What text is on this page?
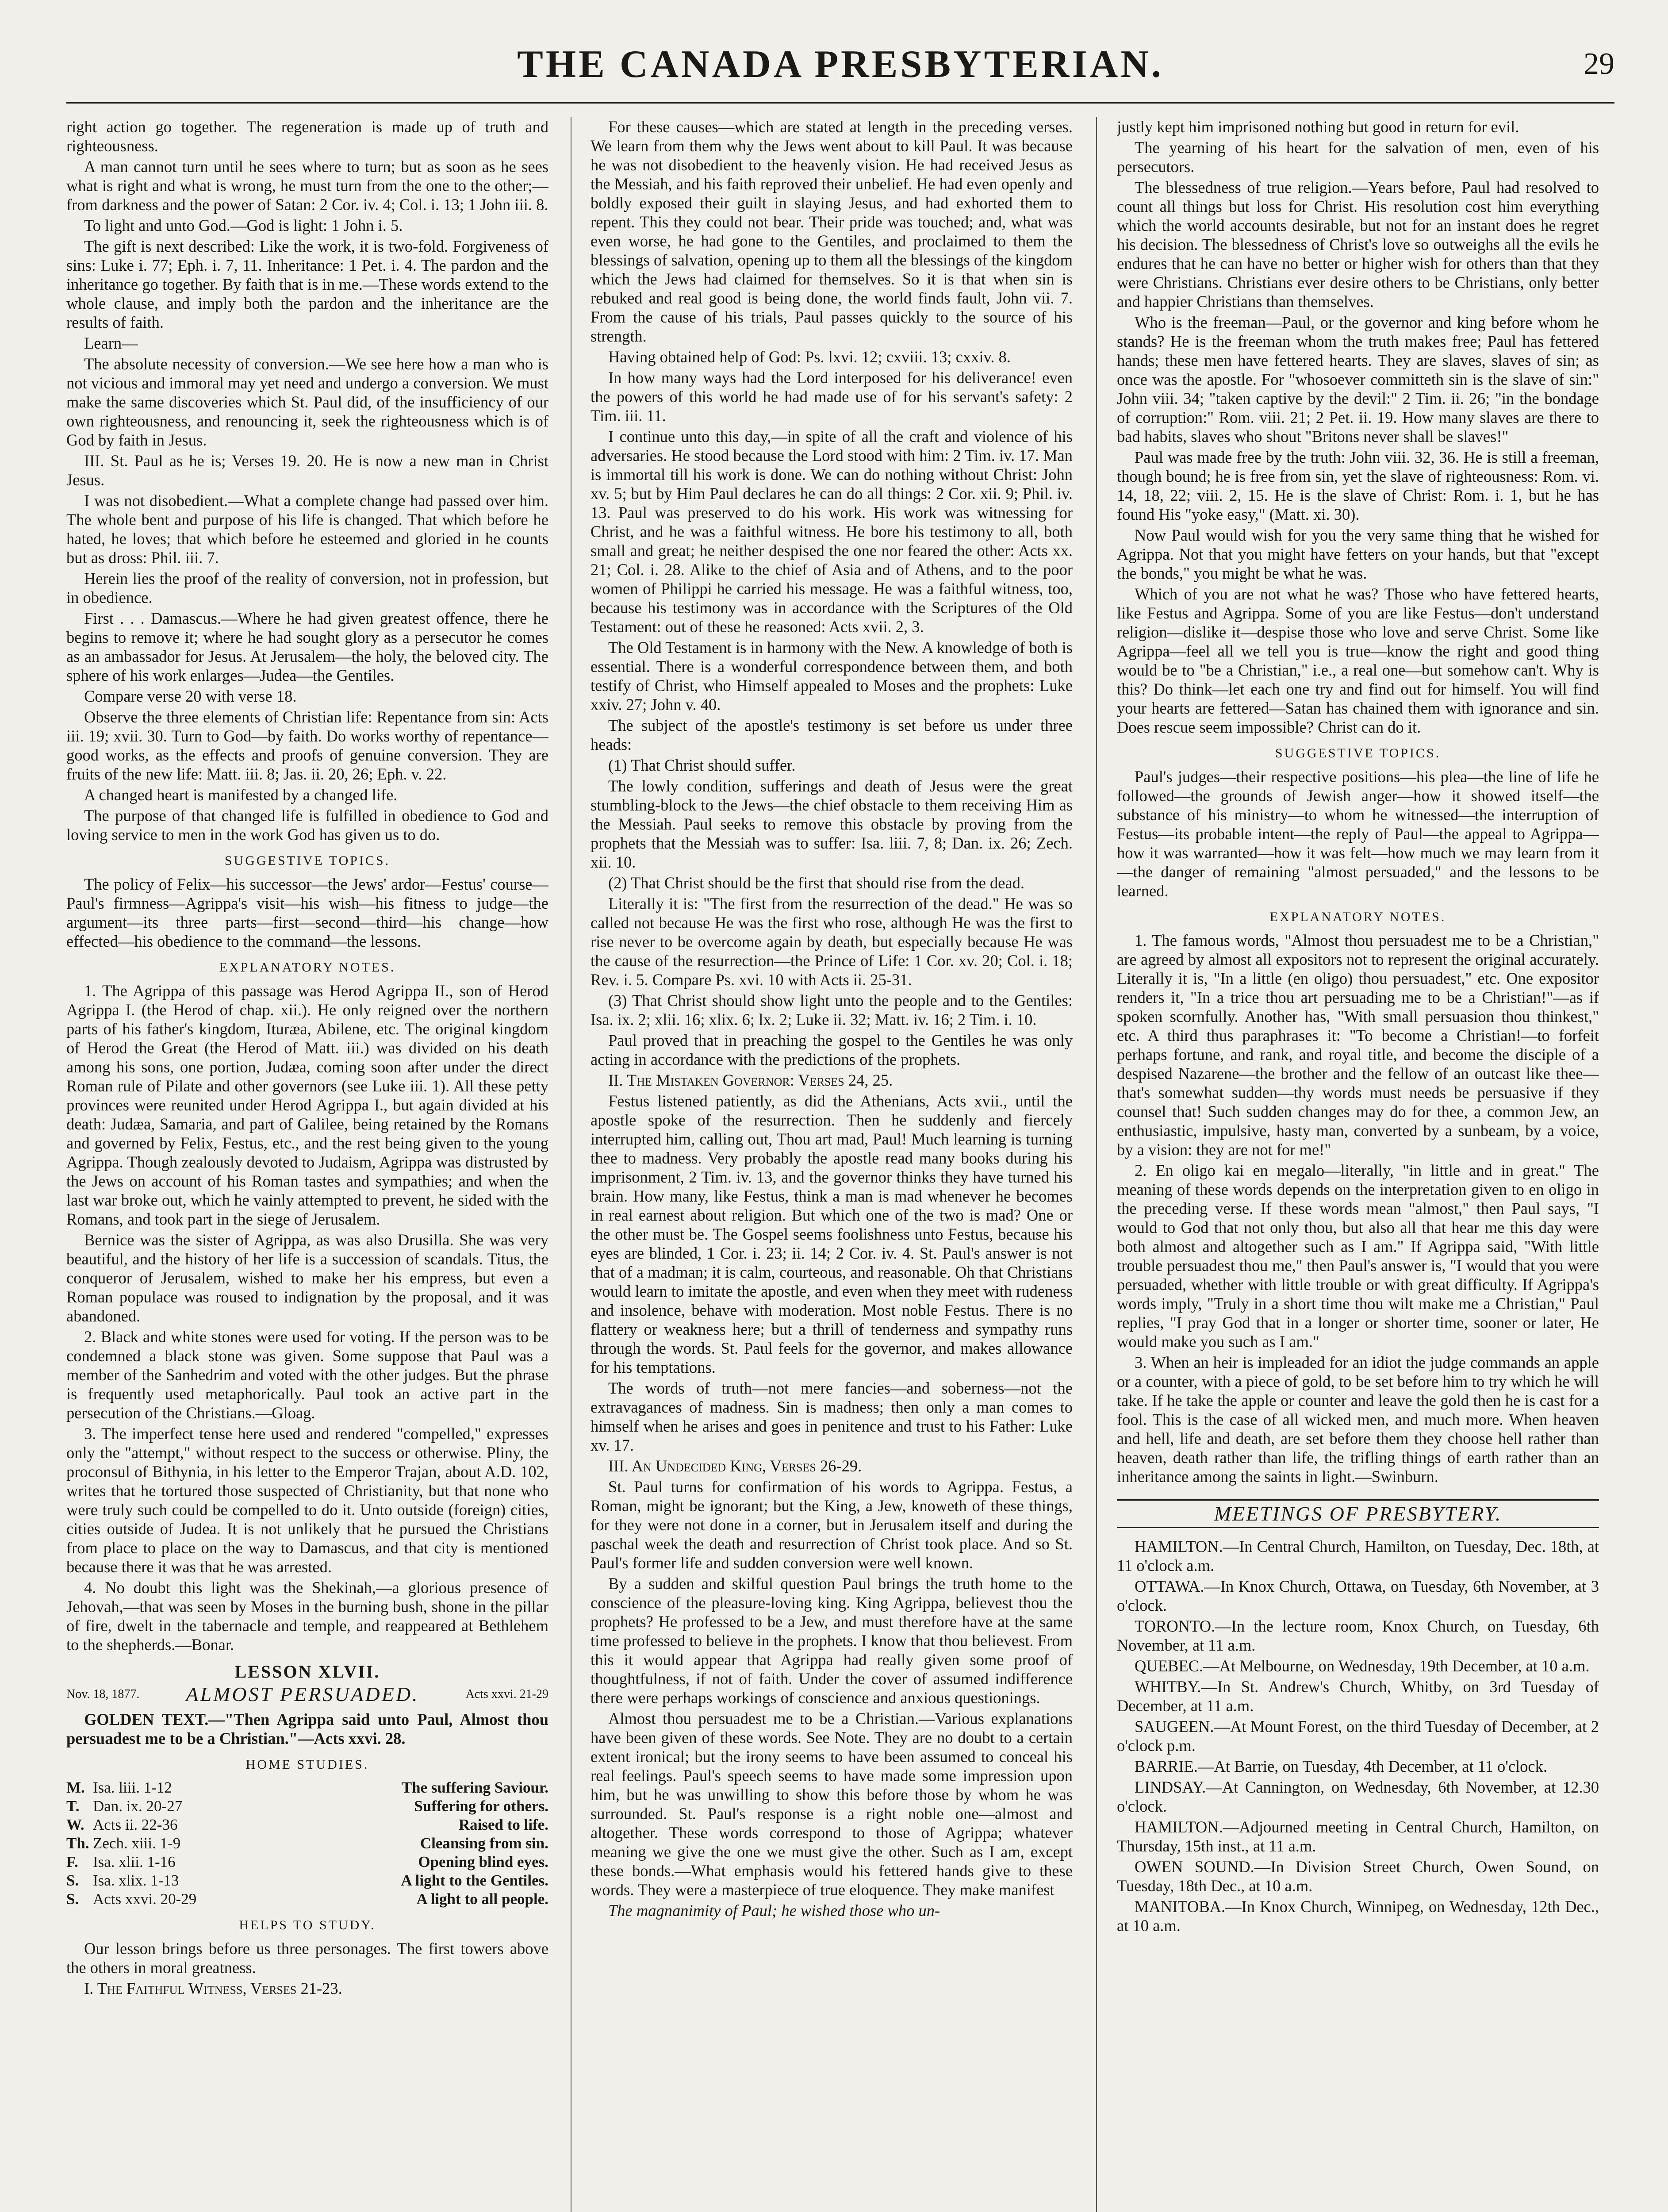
THE CANADA PRESBYTERIAN.	29

right action go together. The regeneration is made up of truth and righteousness.

A man cannot turn until he sees where to turn; but as soon as he sees what is right and what is wrong, he must turn from the one to the other;—from darkness and the power of Satan: 2 Cor. iv. 4; Col. i. 13; 1 John iii. 8.

To light and unto God.—God is light: 1 John i. 5.

The gift is next described: Like the work, it is two-fold. Forgiveness of sins: Luke i. 77; Eph. i. 7, 11. Inheritance: 1 Pet. i. 4. The pardon and the inheritance go together. By faith that is in me.—These words extend to the whole clause, and imply both the pardon and the inheritance are the results of faith.

Learn—

The absolute necessity of conversion.—We see here how a man who is not vicious and immoral may yet need and undergo a conversion. We must make the same discoveries which St. Paul did, of the insufficiency of our own righteousness, and renouncing it, seek the righteousness which is of God by faith in Jesus.

III. St. Paul as he is; Verses 19. 20. He is now a new man in Christ Jesus.

I was not disobedient.—What a complete change had passed over him. The whole bent and purpose of his life is changed. That which before he hated, he loves; that which before he esteemed and gloried in he counts but as dross: Phil. iii. 7.

Herein lies the proof of the reality of conversion, not in profession, but in obedience.

First . . . Damascus.—Where he had given greatest offence, there he begins to remove it; where he had sought glory as a persecutor he comes as an ambassador for Jesus. At Jerusalem—the holy, the beloved city. The sphere of his work enlarges—Judea—the Gentiles.

Compare verse 20 with verse 18.

Observe the three elements of Christian life: Repentance from sin: Acts iii. 19; xvii. 30. Turn to God—by faith. Do works worthy of repentance—good works, as the effects and proofs of genuine conversion. They are fruits of the new life: Matt. iii. 8; Jas. ii. 20, 26; Eph. v. 22.

A changed heart is manifested by a changed life.

The purpose of that changed life is fulfilled in obedience to God and loving service to men in the work God has given us to do.

SUGGESTIVE TOPICS.

The policy of Felix—his successor—the Jews' ardor—Festus' course—Paul's firmness—Agrippa's visit—his wish—his fitness to judge—the argument—its three parts—first—second—third—his change—how effected—his obedience to the command—the lessons.

EXPLANATORY NOTES.

1. The Agrippa of this passage was Herod Agrippa II., son of Herod Agrippa I. (the Herod of chap. xii.). He only reigned over the northern parts of his father's kingdom, Ituræa, Abilene, etc. The original kingdom of Herod the Great (the Herod of Matt. iii.) was divided on his death among his sons, one portion, Judæa, coming soon after under the direct Roman rule of Pilate and other governors (see Luke iii. 1). All these petty provinces were reunited under Herod Agrippa I., but again divided at his death: Judæa, Samaria, and part of Galilee, being retained by the Romans and governed by Felix, Festus, etc., and the rest being given to the young Agrippa. Though zealously devoted to Judaism, Agrippa was distrusted by the Jews on account of his Roman tastes and sympathies; and when the last war broke out, which he vainly attempted to prevent, he sided with the Romans, and took part in the siege of Jerusalem.

Bernice was the sister of Agrippa, as was also Drusilla. She was very beautiful, and the history of her life is a succession of scandals. Titus, the conqueror of Jerusalem, wished to make her his empress, but even a Roman populace was roused to indignation by the proposal, and it was abandoned.

2. Black and white stones were used for voting. If the person was to be condemned a black stone was given. Some suppose that Paul was a member of the Sanhedrim and voted with the other judges. But the phrase is frequently used metaphorically. Paul took an active part in the persecution of the Christians.—Gloag.

3. The imperfect tense here used and rendered "compelled," expresses only the "attempt," without respect to the success or otherwise. Pliny, the proconsul of Bithynia, in his letter to the Emperor Trajan, about A.D. 102, writes that he tortured those suspected of Christianity, but that none who were truly such could be compelled to do it. Unto outside (foreign) cities, cities outside of Judea. It is not unlikely that he pursued the Christians from place to place on the way to Damascus, and that city is mentioned because there it was that he was arrested.

4. No doubt this light was the Shekinah,—a glorious presence of Jehovah,—that was seen by Moses in the burning bush, shone in the pillar of fire, dwelt in the tabernacle and temple, and reappeared at Bethlehem to the shepherds.—Bonar.

LESSON XLVII.
Nov. 18, 1877. ALMOST PERSUADED.	Acts xxvi. 21-29

GOLDEN TEXT.—"Then Agrippa said unto Paul, Almost thou persuadest me to be a Christian."—Acts xxvi. 28.

HOME STUDIES.
M.	Isa. liii. 1-12	The suffering Saviour.
T.	Dan. ix. 20-27	Suffering for others.
W.	Acts ii. 22-36	Raised to life.
Th.	Zech. xiii. 1-9	Cleansing from sin.
F.	Isa. xlii. 1-16	Opening blind eyes.
S.	Isa. xlix. 1-13	A light to the Gentiles.
S.	Acts xxvi. 20-29	A light to all people.
HELPS TO STUDY.

Our lesson brings before us three personages. The first towers above the others in moral greatness.

I. The Faithful Witness, Verses 21-23.

For these causes—which are stated at length in the preceding verses. We learn from them why the Jews went about to kill Paul. It was because he was not disobedient to the heavenly vision. He had received Jesus as the Messiah, and his faith reproved their unbelief. He had even openly and boldly exposed their guilt in slaying Jesus, and had exhorted them to repent. This they could not bear. Their pride was touched; and, what was even worse, he had gone to the Gentiles, and proclaimed to them the blessings of salvation, opening up to them all the blessings of the kingdom which the Jews had claimed for themselves. So it is that when sin is rebuked and real good is being done, the world finds fault, John vii. 7. From the cause of his trials, Paul passes quickly to the source of his strength.

Having obtained help of God: Ps. lxvi. 12; cxviii. 13; cxxiv. 8.

In how many ways had the Lord interposed for his deliverance! even the powers of this world he had made use of for his servant's safety: 2 Tim. iii. 11.

I continue unto this day,—in spite of all the craft and violence of his adversaries. He stood because the Lord stood with him: 2 Tim. iv. 17. Man is immortal till his work is done. We can do nothing without Christ: John xv. 5; but by Him Paul declares he can do all things: 2 Cor. xii. 9; Phil. iv. 13. Paul was preserved to do his work. His work was witnessing for Christ, and he was a faithful witness. He bore his testimony to all, both small and great; he neither despised the one nor feared the other: Acts xx. 21; Col. i. 28. Alike to the chief of Asia and of Athens, and to the poor women of Philippi he carried his message. He was a faithful witness, too, because his testimony was in accordance with the Scriptures of the Old Testament: out of these he reasoned: Acts xvii. 2, 3.

The Old Testament is in harmony with the New. A knowledge of both is essential. There is a wonderful correspondence between them, and both testify of Christ, who Himself appealed to Moses and the prophets: Luke xxiv. 27; John v. 40.

The subject of the apostle's testimony is set before us under three heads:

(1) That Christ should suffer.

The lowly condition, sufferings and death of Jesus were the great stumbling-block to the Jews—the chief obstacle to them receiving Him as the Messiah. Paul seeks to remove this obstacle by proving from the prophets that the Messiah was to suffer: Isa. liii. 7, 8; Dan. ix. 26; Zech. xii. 10.

(2) That Christ should be the first that should rise from the dead.

Literally it is: "The first from the resurrection of the dead." He was so called not because He was the first who rose, although He was the first to rise never to be overcome again by death, but especially because He was the cause of the resurrection—the Prince of Life: 1 Cor. xv. 20; Col. i. 18; Rev. i. 5. Compare Ps. xvi. 10 with Acts ii. 25-31.

(3) That Christ should show light unto the people and to the Gentiles: Isa. ix. 2; xlii. 16; xlix. 6; lx. 2; Luke ii. 32; Matt. iv. 16; 2 Tim. i. 10.

Paul proved that in preaching the gospel to the Gentiles he was only acting in accordance with the predictions of the prophets.

II. The Mistaken Governor: Verses 24, 25.

Festus listened patiently, as did the Athenians, Acts xvii., until the apostle spoke of the resurrection. Then he suddenly and fiercely interrupted him, calling out, Thou art mad, Paul! Much learning is turning thee to madness. Very probably the apostle read many books during his imprisonment, 2 Tim. iv. 13, and the governor thinks they have turned his brain. How many, like Festus, think a man is mad whenever he becomes in real earnest about religion. But which one of the two is mad? One or the other must be. The Gospel seems foolishness unto Festus, because his eyes are blinded, 1 Cor. i. 23; ii. 14; 2 Cor. iv. 4. St. Paul's answer is not that of a madman; it is calm, courteous, and reasonable. Oh that Christians would learn to imitate the apostle, and even when they meet with rudeness and insolence, behave with moderation. Most noble Festus. There is no flattery or weakness here; but a thrill of tenderness and sympathy runs through the words. St. Paul feels for the governor, and makes allowance for his temptations.

The words of truth—not mere fancies—and soberness—not the extravagances of madness. Sin is madness; then only a man comes to himself when he arises and goes in penitence and trust to his Father: Luke xv. 17.

III. An Undecided King, Verses 26-29.

St. Paul turns for confirmation of his words to Agrippa. Festus, a Roman, might be ignorant; but the King, a Jew, knoweth of these things, for they were not done in a corner, but in Jerusalem itself and during the paschal week the death and resurrection of Christ took place. And so St. Paul's former life and sudden conversion were well known.

By a sudden and skilful question Paul brings the truth home to the conscience of the pleasure-loving king. King Agrippa, believest thou the prophets? He professed to be a Jew, and must therefore have at the same time professed to believe in the prophets. I know that thou believest. From this it would appear that Agrippa had really given some proof of thoughtfulness, if not of faith. Under the cover of assumed indifference there were perhaps workings of conscience and anxious questionings.

Almost thou persuadest me to be a Christian.—Various explanations have been given of these words. See Note. They are no doubt to a certain extent ironical; but the irony seems to have been assumed to conceal his real feelings. Paul's speech seems to have made some impression upon him, but he was unwilling to show this before those by whom he was surrounded. St. Paul's response is a right noble one—almost and altogether. These words correspond to those of Agrippa; whatever meaning we give the one we must give the other. Such as I am, except these bonds.—What emphasis would his fettered hands give to these words. They were a masterpiece of true eloquence. They make manifest

The magnanimity of Paul; he wished those who un-

justly kept him imprisoned nothing but good in return for evil.

The yearning of his heart for the salvation of men, even of his persecutors.

The blessedness of true religion.—Years before, Paul had resolved to count all things but loss for Christ. His resolution cost him everything which the world accounts desirable, but not for an instant does he regret his decision. The blessedness of Christ's love so outweighs all the evils he endures that he can have no better or higher wish for others than that they were Christians. Christians ever desire others to be Christians, only better and happier Christians than themselves.

Who is the freeman—Paul, or the governor and king before whom he stands? He is the freeman whom the truth makes free; Paul has fettered hands; these men have fettered hearts. They are slaves, slaves of sin; as once was the apostle. For "whosoever committeth sin is the slave of sin:" John viii. 34; "taken captive by the devil:" 2 Tim. ii. 26; "in the bondage of corruption:" Rom. viii. 21; 2 Pet. ii. 19. How many slaves are there to bad habits, slaves who shout "Britons never shall be slaves!"

Paul was made free by the truth: John viii. 32, 36. He is still a freeman, though bound; he is free from sin, yet the slave of righteousness: Rom. vi. 14, 18, 22; viii. 2, 15. He is the slave of Christ: Rom. i. 1, but he has found His "yoke easy," (Matt. xi. 30).

Now Paul would wish for you the very same thing that he wished for Agrippa. Not that you might have fetters on your hands, but that "except the bonds," you might be what he was.

Which of you are not what he was? Those who have fettered hearts, like Festus and Agrippa. Some of you are like Festus—don't understand religion—dislike it—despise those who love and serve Christ. Some like Agrippa—feel all we tell you is true—know the right and good thing would be to "be a Christian," i.e., a real one—but somehow can't. Why is this? Do think—let each one try and find out for himself. You will find your hearts are fettered—Satan has chained them with ignorance and sin. Does rescue seem impossible? Christ can do it.

SUGGESTIVE TOPICS.

Paul's judges—their respective positions—his plea—the line of life he followed—the grounds of Jewish anger—how it showed itself—the substance of his ministry—to whom he witnessed—the interruption of Festus—its probable intent—the reply of Paul—the appeal to Agrippa—how it was warranted—how it was felt—how much we may learn from it—the danger of remaining "almost persuaded," and the lessons to be learned.

EXPLANATORY NOTES.

1. The famous words, "Almost thou persuadest me to be a Christian," are agreed by almost all expositors not to represent the original accurately. Literally it is, "In a little (en oligo) thou persuadest," etc. One expositor renders it, "In a trice thou art persuading me to be a Christian!"—as if spoken scornfully. Another has, "With small persuasion thou thinkest," etc. A third thus paraphrases it: "To become a Christian!—to forfeit perhaps fortune, and rank, and royal title, and become the disciple of a despised Nazarene—the brother and the fellow of an outcast like thee—that's somewhat sudden—thy words must needs be persuasive if they counsel that! Such sudden changes may do for thee, a common Jew, an enthusiastic, impulsive, hasty man, converted by a sunbeam, by a voice, by a vision: they are not for me!"

2. En oligo kai en megalo—literally, "in little and in great." The meaning of these words depends on the interpretation given to en oligo in the preceding verse. If these words mean "almost," then Paul says, "I would to God that not only thou, but also all that hear me this day were both almost and altogether such as I am." If Agrippa said, "With little trouble persuadest thou me," then Paul's answer is, "I would that you were persuaded, whether with little trouble or with great difficulty. If Agrippa's words imply, "Truly in a short time thou wilt make me a Christian," Paul replies, "I pray God that in a longer or shorter time, sooner or later, He would make you such as I am."

3. When an heir is impleaded for an idiot the judge commands an apple or a counter, with a piece of gold, to be set before him to try which he will take. If he take the apple or counter and leave the gold then he is cast for a fool. This is the case of all wicked men, and much more. When heaven and hell, life and death, are set before them they choose hell rather than heaven, death rather than life, the trifling things of earth rather than an inheritance among the saints in light.—Swinburn.

MEETINGS OF PRESBYTERY.

HAMILTON.—In Central Church, Hamilton, on Tuesday, Dec. 18th, at 11 o'clock a.m.

OTTAWA.—In Knox Church, Ottawa, on Tuesday, 6th November, at 3 o'clock.

TORONTO.—In the lecture room, Knox Church, on Tuesday, 6th November, at 11 a.m.

QUEBEC.—At Melbourne, on Wednesday, 19th December, at 10 a.m.

WHITBY.—In St. Andrew's Church, Whitby, on 3rd Tuesday of December, at 11 a.m.

SAUGEEN.—At Mount Forest, on the third Tuesday of December, at 2 o'clock p.m.

BARRIE.—At Barrie, on Tuesday, 4th December, at 11 o'clock.

LINDSAY.—At Cannington, on Wednesday, 6th November, at 12.30 o'clock.

HAMILTON.—Adjourned meeting in Central Church, Hamilton, on Thursday, 15th inst., at 11 a.m.

OWEN SOUND.—In Division Street Church, Owen Sound, on Tuesday, 18th Dec., at 10 a.m.

MANITOBA.—In Knox Church, Winnipeg, on Wednesday, 12th Dec., at 10 a.m.
